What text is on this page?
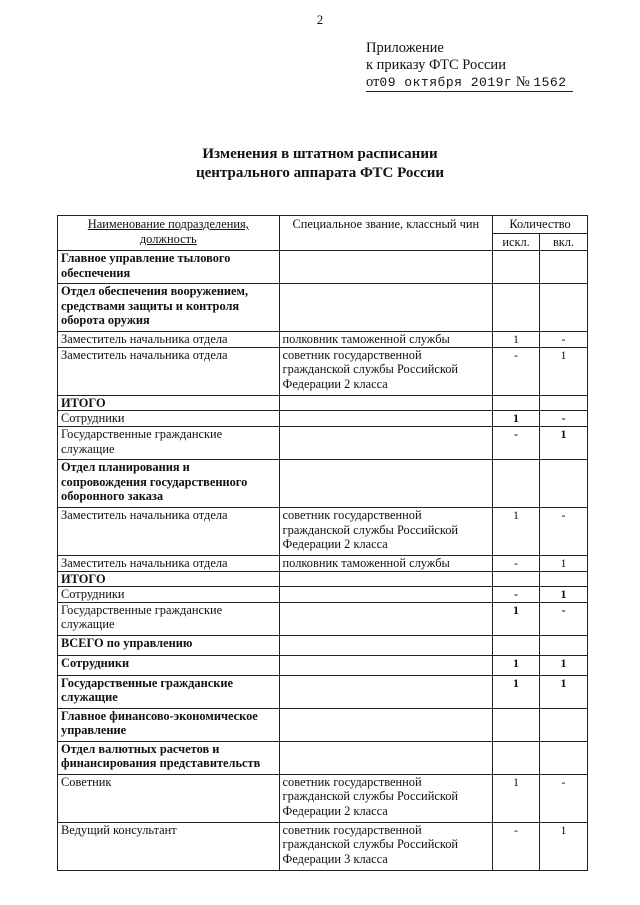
2
Приложение
к приказу ФТС России
от09 октября 2019г № 1562
Изменения в штатном расписании
центрального аппарата ФТС России
Наименование подразделения, должность	Специальное звание, классный чин	Количество	
		искл.	вкл.
Главное управление тылового обеспечения			
Отдел обеспечения вооружением, средствами защиты и контроля оборота оружия			
Заместитель начальника отдела	полковник таможенной службы	1	-
Заместитель начальника отдела	советник государственной гражданской службы Российской Федерации 2 класса	-	1
ИТОГО			
Сотрудники		1	-
Государственные гражданские служащие		-	1
Отдел планирования и сопровождения государственного оборонного заказа			
Заместитель начальника отдела	советник государственной гражданской службы Российской Федерации 2 класса	1	-
Заместитель начальника отдела	полковник таможенной службы	-	1
ИТОГО			
Сотрудники		-	1
Государственные гражданские служащие		1	-
ВСЕГО по управлению			
Сотрудники		1	1
Государственные гражданские служащие		1	1
Главное финансово-экономическое управление			
Отдел валютных расчетов и финансирования представительств			
Советник	советник государственной гражданской службы Российской Федерации 2 класса	1	-
Ведущий консультант	советник государственной гражданской службы Российской Федерации 3 класса	-	1
